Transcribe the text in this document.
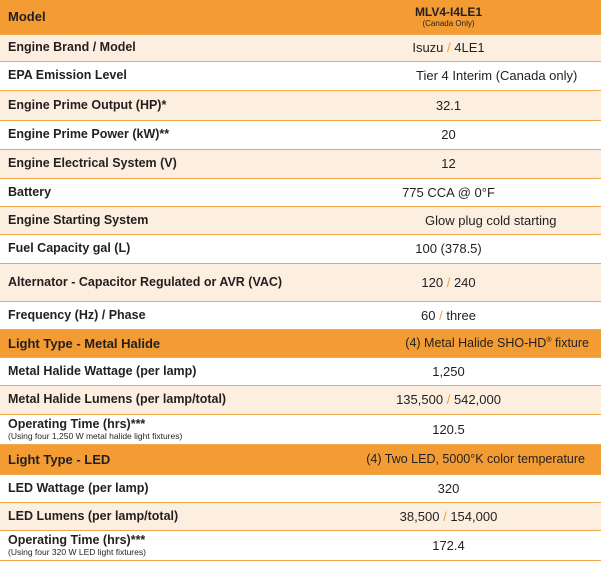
Model	MLV4-I4LE1
(Canada Only)

Engine Brand / Model	Isuzu / 4LE1
EPA Emission Level	Tier 4 Interim (Canada only)
Engine Prime Output (HP)*	32.1
Engine Prime Power (kW)**	20
Engine Electrical System (V)	12
Battery	775 CCA @ 0°F
Engine Starting System	Glow plug cold starting
Fuel Capacity gal (L)	100 (378.5)
Alternator - Capacitor Regulated or AVR (VAC)	120 / 240
Frequency (Hz) / Phase	60 / three
Light Type - Metal Halide	(4) Metal Halide SHO-HD® fixture
Metal Halide Wattage (per lamp)	1,250
Metal Halide Lumens (per lamp/total)	135,500 / 542,000
Operating Time (hrs)***
(Using four 1,250 W metal halide light fixtures)	120.5
Light Type - LED	(4) Two LED, 5000°K color temperature
LED Wattage (per lamp)	320
LED Lumens (per lamp/total)	38,500 / 154,000
Operating Time (hrs)***
(Using four 320 W LED light fixtures)	172.4
